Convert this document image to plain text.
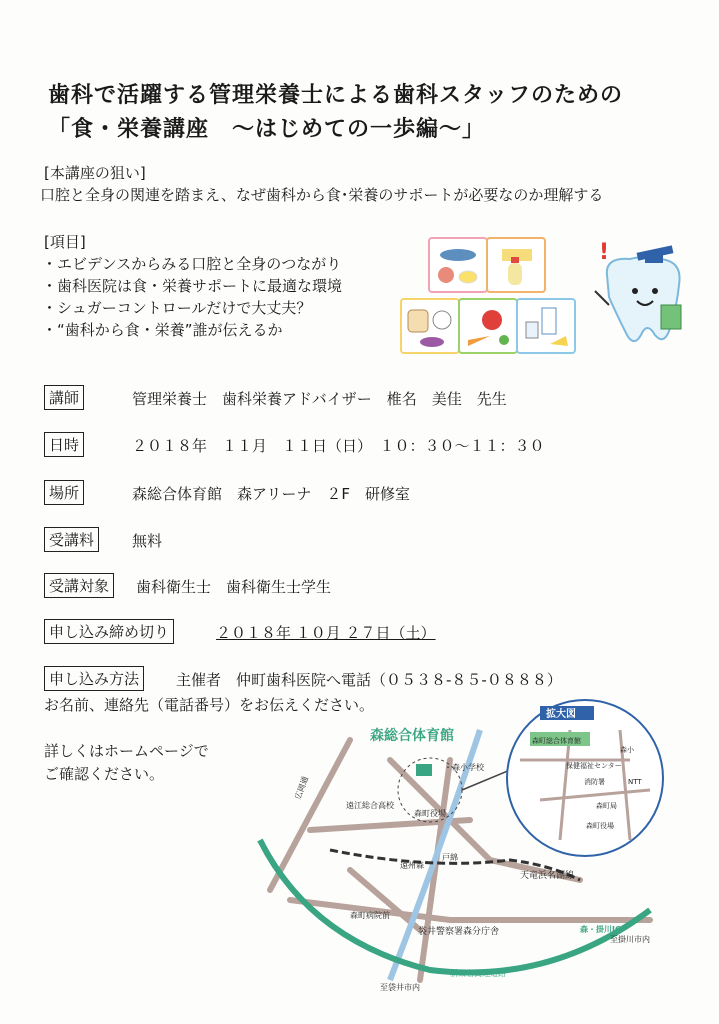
歯科で活躍する管理栄養士による歯科スタッフのための
「食・栄養講座　～はじめての一歩編～」
[本講座の狙い]
口腔と全身の関連を踏まえ、なぜ歯科から食･栄養のサポートが必要なのか理解する
[項目]
・エビデンスからみる口腔と全身のつながり
・歯科医院は食・栄養サポートに最適な環境
・シュガーコントロールだけで大丈夫？
・“歯科から食・栄養”誰が伝えるか
!
講師	管理栄養士　歯科栄養アドバイザー　椎名　美佳　先生
日時	２０１８年　１１月　１１日（日）　１０：３０～１１：３０
場所	森総合体育館　森アリーナ　２F　研修室
受講料	無料
受講対象	歯科衛生士　歯科衛生士学生
申し込み締め切り	２０１８年 １０月 ２７日（土）
申し込み方法	主催者　仲町歯科医院へ電話（０５３８-８５-０８８８）
お名前、連絡先（電話番号）をお伝えください。
詳しくはホームページで
ご確認ください。
森総合体育館
拡大図
・森小学校
森町役場
遠江総合高校
遠州森
戸綿
天竜浜名湖線
袋井警察署森分庁舎
森町病院前
新東名高速道路
至袋井市内
至掛川市内
森・掛川IC
広岡通
森町総合体育館
森小
保健福祉センター
消防署	NTT
森町局
森町役場
